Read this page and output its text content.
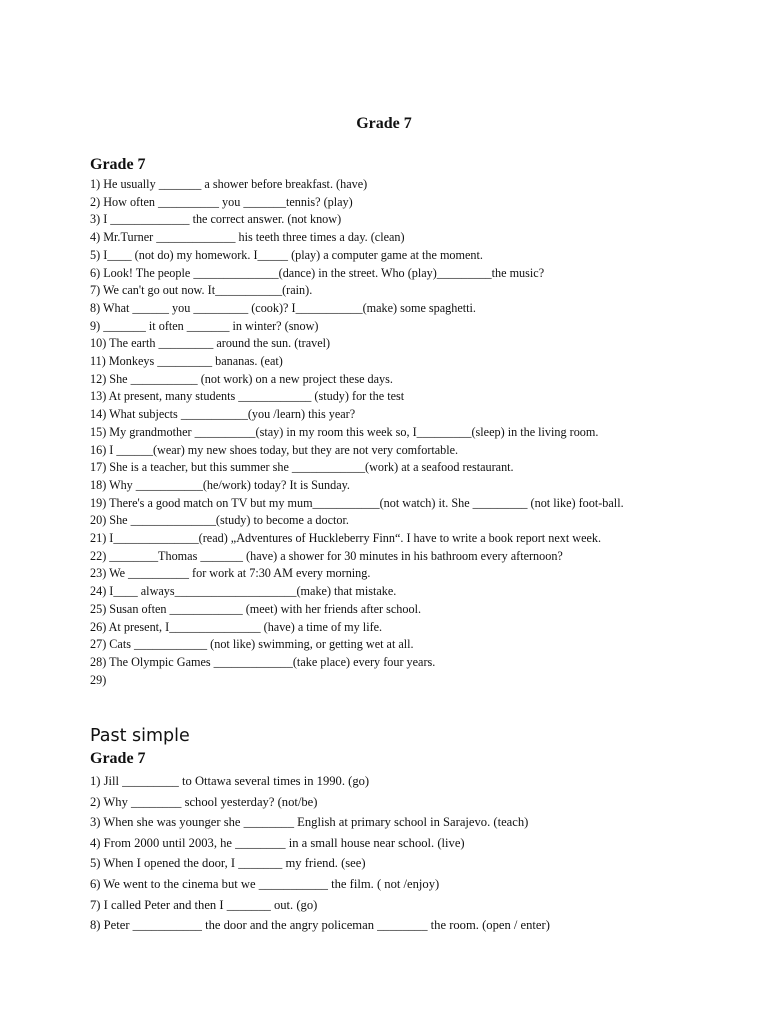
Grade 7
Grade 7
1) He usually _______ a shower before breakfast. (have)
2) How often __________ you _______tennis? (play)
3) I _____________ the correct answer. (not know)
4) Mr.Turner _____________ his teeth three times a day. (clean)
5) I____ (not do) my homework. I_____ (play) a computer game at the moment.
6) Look! The people ______________(dance) in the street. Who (play)_________the music?
7) We can't go out now. It___________(rain).
8) What ______ you _________ (cook)? I___________(make) some spaghetti.
9) _______ it often _______ in winter? (snow)
10) The earth _________ around the sun. (travel)
11) Monkeys _________ bananas. (eat)
12) She ___________ (not work) on a new project these days.
13) At present, many students ____________ (study) for the test
14) What subjects ___________(you /learn) this year?
15) My grandmother __________(stay) in my room this week so, I_________(sleep) in the living room.
16) I ______(wear) my new shoes today, but they are not very comfortable.
17) She is a teacher, but this summer she ____________(work) at a seafood restaurant.
18) Why ___________(he/work) today? It is Sunday.
19) There's a good match on TV but my mum___________(not watch) it. She _________ (not like) foot-ball.
20) She ______________(study) to become a doctor.
21) I______________(read) „Adventures of Huckleberry Finn“. I have to write a book report next week.
22) ________Thomas _______ (have) a shower for 30 minutes in his bathroom every afternoon?
23) We __________ for work at 7:30 AM every morning.
24) I____ always____________________(make) that mistake.
25) Susan often ____________ (meet) with her friends after school.
26) At present, I_______________ (have) a time of my life.
27) Cats ____________ (not like) swimming, or getting wet at all.
28) The Olympic Games _____________(take place) every four years.
29)
Past simple
Grade 7
1) Jill _________ to Ottawa several times in 1990. (go)
2) Why ________ school yesterday? (not/be)
3) When she was younger she ________ English at primary school in Sarajevo. (teach)
4) From 2000 until 2003, he ________ in a small house near school. (live)
5) When I opened the door, I _______ my friend. (see)
6) We went to the cinema but we ___________ the film. ( not /enjoy)
7) I called Peter and then I _______ out. (go)
8) Peter ___________ the door and the angry policeman ________ the room. (open / enter)
